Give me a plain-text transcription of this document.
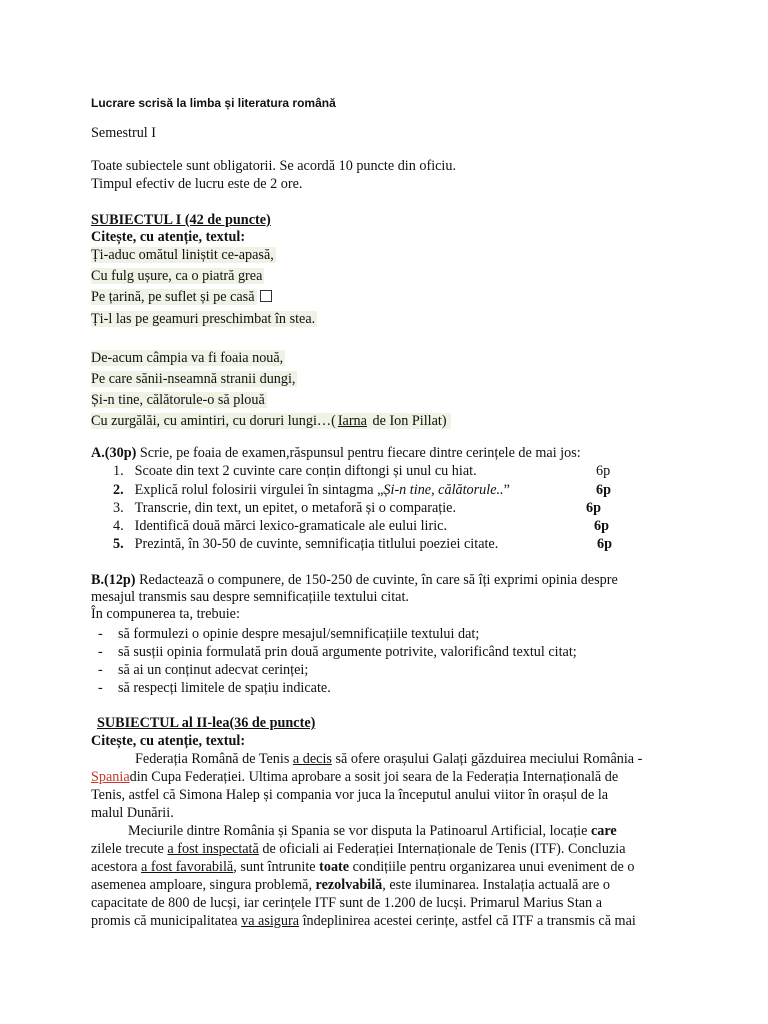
Lucrare scrisă la limba și literatura română
Semestrul I
Toate subiectele sunt obligatorii. Se acordă 10 puncte din oficiu.
Timpul efectiv de lucru este de 2 ore.
SUBIECTUL I (42 de puncte)
Citește, cu atenție, textul:
Ți-aduc omătul liniștit ce-apasă,
Cu fulg ușure, ca o piatră grea
Pe țarină, pe suflet și pe casă
Ți-l las pe geamuri preschimbat în stea.
De-acum câmpia va fi foaia nouă,
Pe care sănii-nseamnă stranii dungi,
Și-n tine, călătorule-o să plouă
Cu zurgălăi, cu amintiri, cu doruri lungi…( Iarna de Ion Pillat)
A.(30p) Scrie, pe foaia de examen,răspunsul pentru fiecare dintre cerințele de mai jos:
1. Scoate din text 2 cuvinte care conțin diftongi și unul cu hiat.	6p
2. Explică rolul folosirii virgulei în sintagma „Și-n tine, călătorule..”	6p
3. Transcrie, din text, un epitet, o metaforă și o comparație.	6p
4. Identifică două mărci lexico-gramaticale ale eului liric.	6p
5. Prezintă, în 30-50 de cuvinte, semnificația titlului poeziei citate.	6p
B.(12p) Redactează o compunere, de 150-250 de cuvinte, în care să îți exprimi opinia despre
mesajul transmis sau despre semnificațiile textului citat.
În compunerea ta, trebuie:
- să formulezi o opinie despre mesajul/semnificațiile textului dat;
- să susții opinia formulată prin două argumente potrivite, valorificând textul citat;
- să ai un conținut adecvat cerinței;
- să respecți limitele de spațiu indicate.
SUBIECTUL al II-lea(36 de puncte)
Citește, cu atenție, textul:
Federația Română de Tenis a decis să ofere orașului Galați găzduirea meciului România -
Spaniadin Cupa Federației. Ultima aprobare a sosit joi seara de la Federația Internațională de
Tenis, astfel că Simona Halep și compania vor juca la începutul anului viitor în orașul de la
malul Dunării.
Meciurile dintre România și Spania se vor disputa la Patinoarul Artificial, locație care
zilele trecute a fost inspectată de oficiali ai Federației Internaționale de Tenis (ITF). Concluzia
acestora a fost favorabilă, sunt întrunite toate condițiile pentru organizarea unui eveniment de o
asemenea amploare, singura problemă, rezolvabilă, este iluminarea. Instalația actuală are o
capacitate de 800 de lucși, iar cerințele ITF sunt de 1.200 de lucși. Primarul Marius Stan a
promis că municipalitatea va asigura îndeplinirea acestei cerințe, astfel că ITF a transmis că mai
